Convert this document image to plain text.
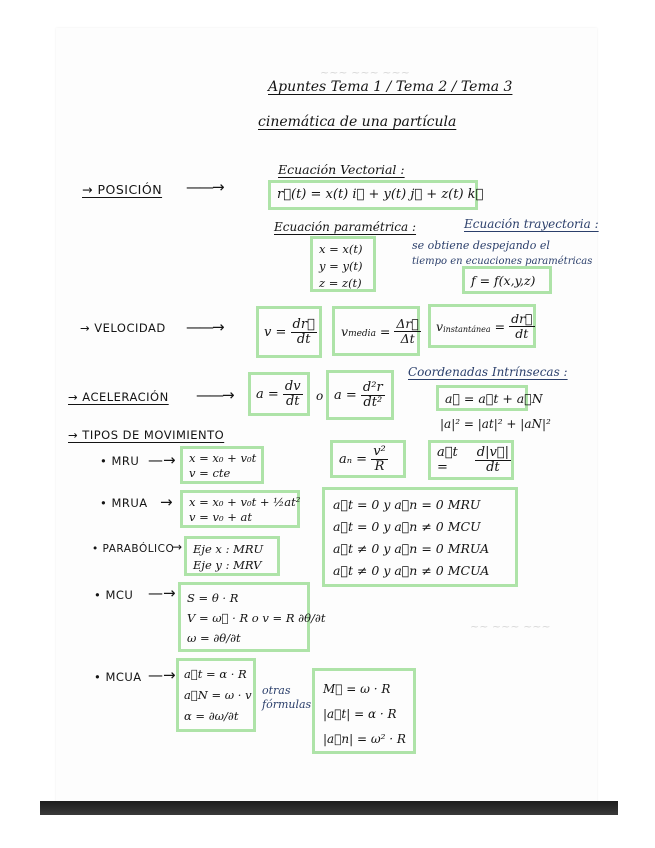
~~~ ~~~ ~~~
~~ ~~~ ~~~
Apuntes Tema 1 / Tema 2 / Tema 3
cinemática de una partícula
→ POSICIÓN ——→
Ecuación Vectorial :
r⃗(t) = x(t) i⃗ + y(t) j⃗ + z(t) k⃗
Ecuación paramétrica :
x = x(t)
y = y(t)
z = z(t)
Ecuación trayectoria :
se obtiene despejando el
tiempo en ecuaciones paramétricas
f = f(x,y,z)
→ VELOCIDAD ——→	v =
$\frac{dr⃗}{dt}$ v media = $\frac{\Delta r⃗}{\Delta t}$ v instantánea = $\frac{dr⃗}{dt}$
→ ACELERACIÓN ——→ a =
$\frac{dv}{dt}$ o a =
$\frac{\text{d²r}}{\text{dt²}}$
Coordenadas Intrínsecas :
a⃗ = a⃗t + a⃗N
|a|² = |at|² + |aN|²
→ TIPOS DE MOVIMIENTO
• MRU —→ x = x₀ + v₀t
v = cte
aₙ =
$\frac{\text{v²}}{R}$	a⃗t =
	$\frac{d|v⃗|}{dt}$
• MRUA → x = x₀ + v₀t + ½at²
v = v₀ + at
a⃗t = 0 y a⃗n = 0 MRU
a⃗t = 0 y a⃗n ≠ 0 MCU
a⃗t ≠ 0 y a⃗n = 0 MRUA
a⃗t ≠ 0 y a⃗n ≠ 0 MCUA
• PARABÓLICO
→ Eje x : MRU
Eje y : MRV
• MCU —→ S = θ · R
V = ω⃗ · R o v = R ∂θ/∂t
ω = ∂θ/∂t
• MCUA —→ a⃗t = α · R
a⃗N = ω · v
α = ∂ω/∂t
otras
fórmulas
M⃗ = ω · R
|a⃗t| = α · R
|a⃗n| = ω² · R
